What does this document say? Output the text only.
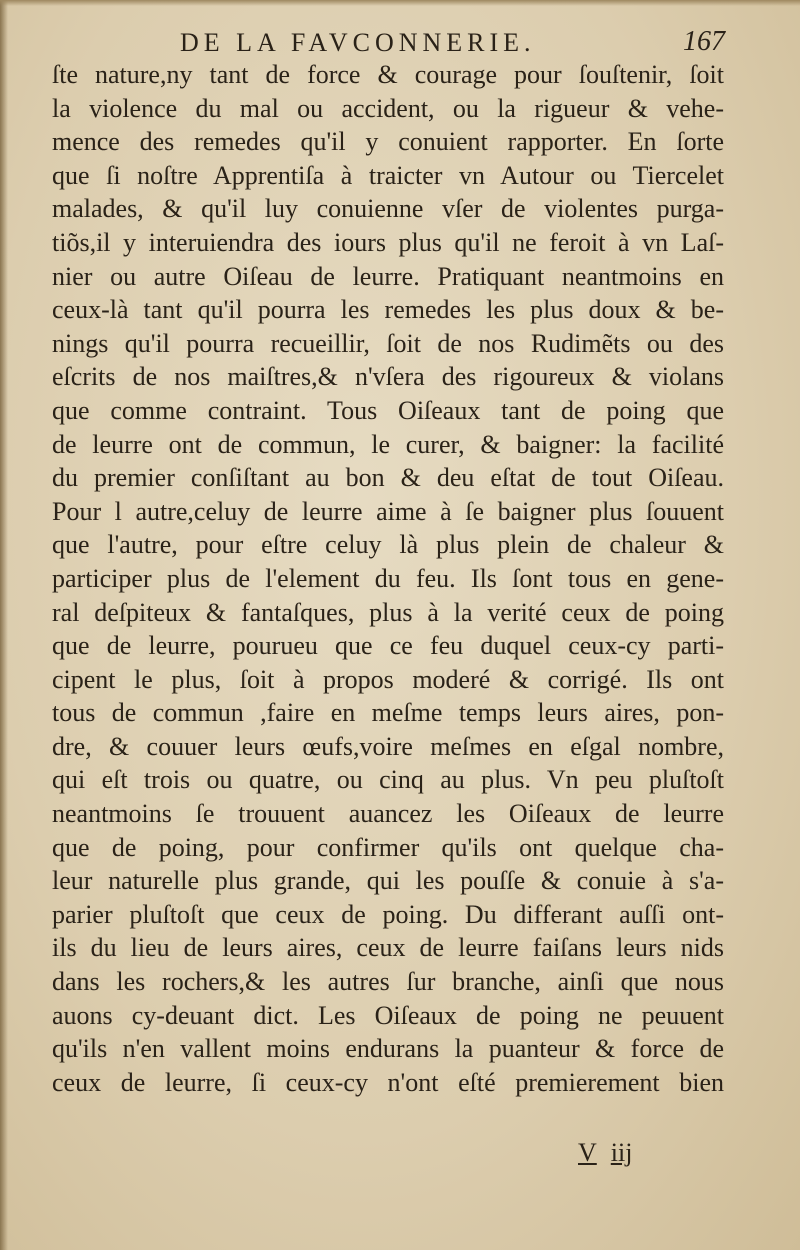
DE LA FAVCONNERIE.	167
ſte nature,ny tant de force & courage pour ſouſtenir, ſoit
la violence du mal ou accident, ou la rigueur & vehe-
mence des remedes qu'il y conuient rapporter. En ſorte
que ſi noſtre Apprentiſa à traicter vn Autour ou Tiercelet
malades, & qu'il luy conuienne vſer de violentes purga-
tiõs,il y interuiendra des iours plus qu'il ne feroit à vn Laſ-
nier ou autre Oiſeau de leurre. Pratiquant neantmoins en
ceux-là tant qu'il pourra les remedes les plus doux & be-
nings qu'il pourra recueillir, ſoit de nos Rudimẽts ou des
eſcrits de nos maiſtres,& n'vſera des rigoureux & violans
que comme contraint. Tous Oiſeaux tant de poing que
de leurre ont de commun, le curer, & baigner: la facilité
du premier conſiſtant au bon & deu eſtat de tout Oiſeau.
Pour l autre,celuy de leurre aime à ſe baigner plus ſouuent
que l'autre, pour eſtre celuy là plus plein de chaleur &
participer plus de l'element du feu. Ils ſont tous en gene-
ral deſpiteux & fantaſques, plus à la verité ceux de poing
que de leurre, pourueu que ce feu duquel ceux-cy parti-
cipent le plus, ſoit à propos moderé & corrigé. Ils ont
tous de commun ,faire en meſme temps leurs aires, pon-
dre, & couuer leurs œufs,voire meſmes en eſgal nombre,
qui eſt trois ou quatre, ou cinq au plus. Vn peu pluſtoſt
neantmoins ſe trouuent auancez les Oiſeaux de leurre
que de poing, pour confirmer qu'ils ont quelque cha-
leur naturelle plus grande, qui les pouſſe & conuie à s'a-
parier pluſtoſt que ceux de poing. Du differant auſſi ont-
ils du lieu de leurs aires, ceux de leurre faiſans leurs nids
dans les rochers,& les autres ſur branche, ainſi que nous
auons cy-deuant dict. Les Oiſeaux de poing ne peuuent
qu'ils n'en vallent moins endurans la puanteur & force de
ceux de leurre, ſi ceux-cy n'ont eſté premierement bien
V iij
